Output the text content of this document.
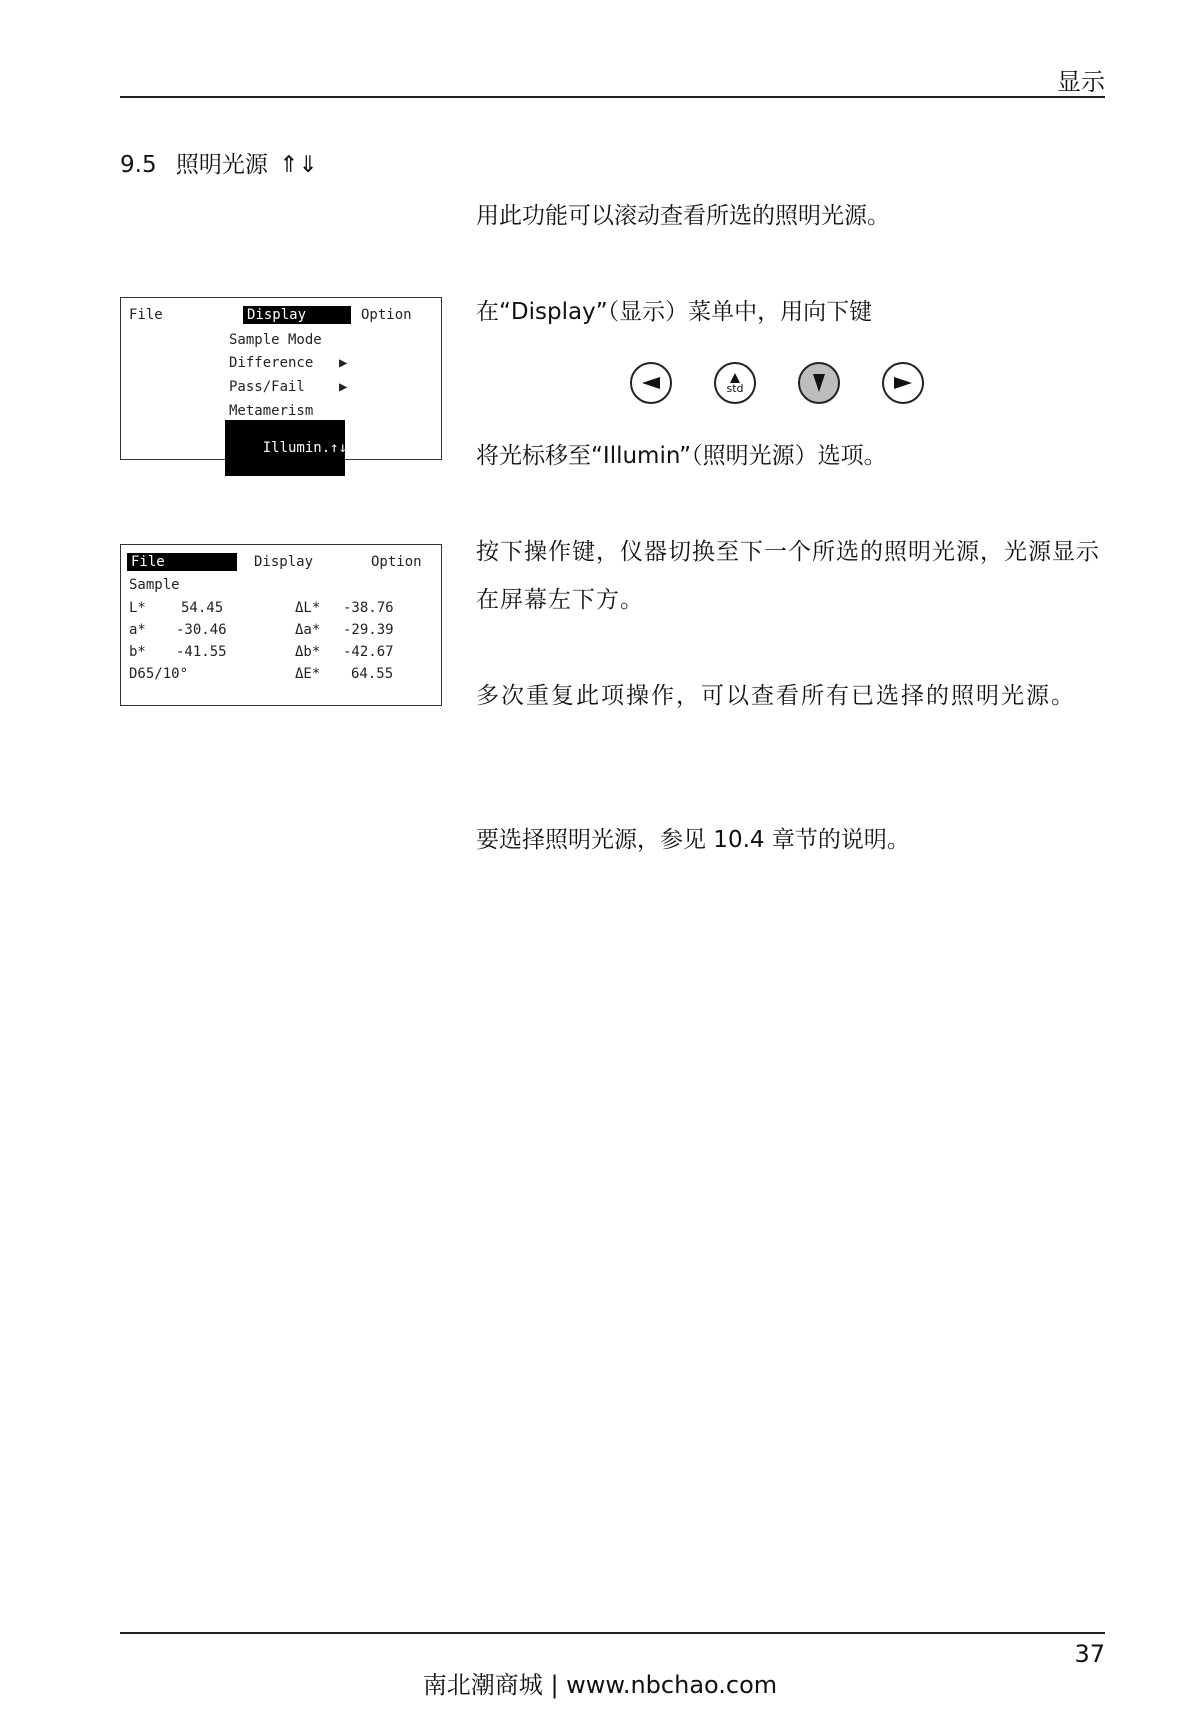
显示
9.5 照明光源 ⇑⇓
用此功能可以滚动查看所选的照明光源。
在“Display”（显示）菜单中，用向下键
std
将光标移至“Illumin”（照明光源）选项。
按下操作键，仪器切换至下一个所选的照明光源，光源显示在屏幕左下方。
多次重复此项操作，可以查看所有已选择的照明光源。
要选择照明光源，参见 10.4 章节的说明。
File	Display	Option
Sample Mode
Difference ▶
Pass/Fail ▶
Metamerism

Illumin.↑↓

File	Display	Option
Sample
L*	54.45	ΔL* -38.76
a* -30.46	Δa* -29.39
b* -41.55	Δb* -42.67
D65/10°	ΔE* 64.55
37
南北潮商城 | www.nbchao.com
